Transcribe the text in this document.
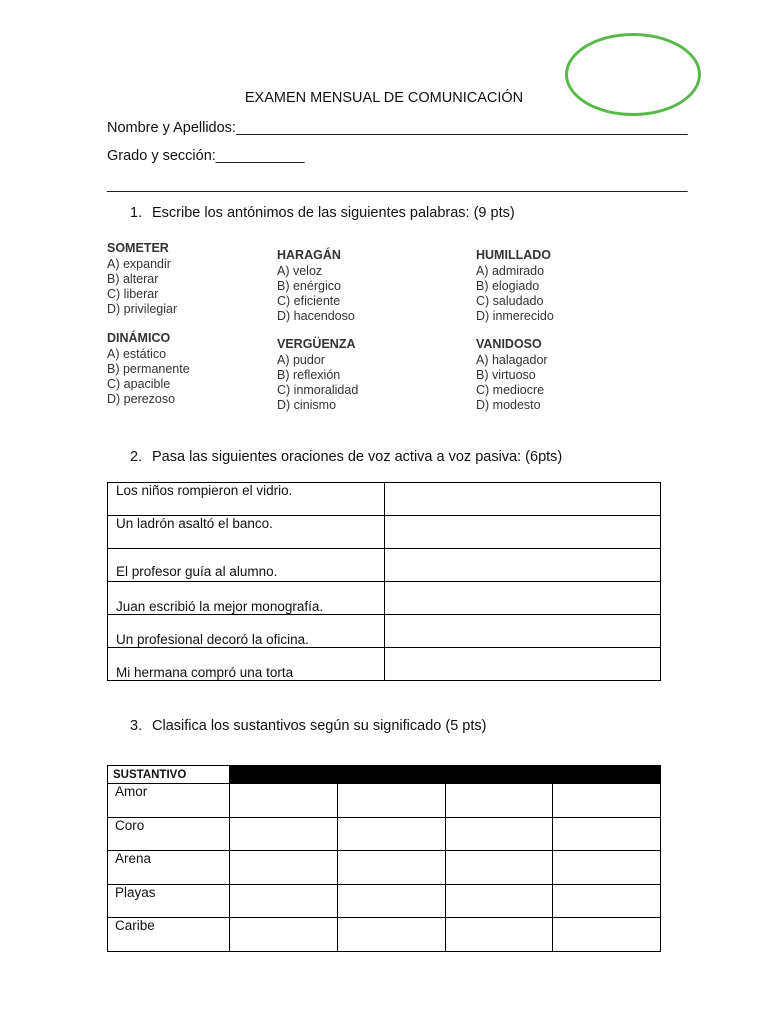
EXAMEN MENSUAL DE COMUNICACIÓN
Nombre y Apellidos:________________________________________________________
Grado y sección:___________
________________________________________________________________________
1. Escribe los antónimos de las siguientes palabras: (9 pts)
SOMETER
A) expandir
B) alterar
C) liberar
D) privilegiar
HARAGÁN
A) veloz
B) enérgico
C) eficiente
D) hacendoso
HUMILLADO
A) admirado
B) elogiado
C) saludado
D) inmerecido
DINÁMICO
A) estático
B) permanente
C) apacible
D) perezoso
VERGÜENZA
A) pudor
B) reflexión
C) inmoralidad
D) cinismo
VANIDOSO
A) halagador
B) virtuoso
C) mediocre
D) modesto
2. Pasa las siguientes oraciones de voz activa a voz pasiva: (6pts)
Los niños rompieron el vidrio.	
Un ladrón asaltó el banco.	
El profesor guía al alumno.	
Juan escribió la mejor monografía.	
Un profesional decoró la oficina.	
Mi hermana compró una torta	
3. Clasifica los sustantivos según su significado (5 pts)
SUSTANTIVO				
Amor				
Coro				
Arena				
Playas				
Caribe				
